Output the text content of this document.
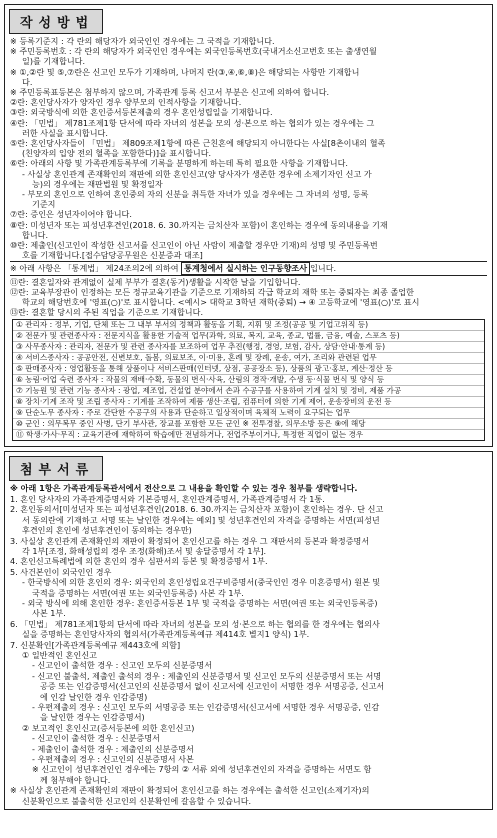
작성방법
※ 등록기준지 : 각 란의 해당자가 외국인인 경우에는 그 국적을 기재합니다.
※ 주민등록번호 : 각 란의 해당자가 외국인인 경우에는 외국인등록번호(국내거소신고번호 또는 출생연월
일)를 기재합니다.
※ ①,②란 및 ⑤,⑦란은 신고인 모두가 기재하며, 나머지 란(③,④,⑥,⑧)은 해당되는 사항만 기재합니
다.
※ 주민등록표등본은 첨부하지 않으며, 가족관계 등록 신고서 부분은 신고에 의하여 합니다.
②란: 혼인당사자가 양자인 경우 양부모의 인적사항을 기재합니다.
③란: 외국방식에 의한 혼인증서등본제출의 경우 혼인성립일을 기재합니다.
④란: 「민법」 제781조제1항 단서에 따라 자녀의 성본을 모의 성·본으로 하는 협의가 있는 경우에는 그
러한 사실을 표시합니다.
⑤란: 혼인당사자들이 「민법」 제809조제1항에 따른 근친혼에 해당되지 아니한다는 사실[8촌이내의 혈족
(친양자의 입양 전의 혈족을 포함한다)]을 표시합니다.
⑥란: 아래의 사항 및 가족관계등록부에 기록을 분명하게 하는데 특히 필요한 사항을 기재합니다.
- 사실상 혼인관계 존재확인의 재판에 의한 혼인신고(양 당사자가 생존한 경우에 소제기자인 신고 가
능)의 경우에는 재판법원 및 확정일자
- 부모의 혼인으로 인하여 혼인중의 자의 신분을 취득한 자녀가 있을 경우에는 그 자녀의 성명, 등록
기준지
⑦란: 증인은 성년자이어야 합니다.
⑧란: 미성년자 또는 피성년후견인(2018. 6. 30.까지는 금치산자 포함)이 혼인하는 경우에 동의내용을 기재
합니다.
⑩란: 제출인(신고인이 작성한 신고서를 신고인이 아닌 사람이 제출할 경우만 기재)의 성명 및 주민등록번
호를 기재합니다.[접수담당공무원은 신분증과 대조]
※ 아래 사항은 「통계법」 제24조의2에 의하여 통계청에서 실시하는 인구동향조사 입니다.
⑪란: 결혼일자와 관계없이 실제 부부가 결혼(동거)생활을 시작한 날을 기입합니다.
⑫란: 교육부장관이 인정하는 모든 정규교육기관을 기준으로 기재하되 각급 학교의 재학 또는 중퇴자는 최종 졸업한
학교의 해당번호에 '영표(○)'로 표시합니다. <예시> 대학교 3학년 재학(중퇴) → ④ 고등학교에 '영표(○)'로 표시
⑬란: 결혼할 당시의 주된 직업을 기준으로 기재합니다.
① 관리자 : 정부, 기업, 단체 또는 그 내부 부서의 정책과 활동을 기획, 지휘 및 조정(공공 및 기업고위직 등)
② 전문가 및 관련종사자 : 전문지식을 활용한 기술적 업무(과학, 의료, 복지, 교육, 종교, 법률, 금융, 예술, 스포츠 등)
③ 사무종사자 : 관리자, 전문가 및 관련 종사자를 보조하여 업무 추진(행정, 경영, 보험, 감사, 상담·안내·통계 등)
④ 서비스종사자 : 공공안전, 신변보호, 돌봄, 의료보조, 이·미용, 혼례 및 장례, 운송, 여가, 조리와 관련된 업무
⑤ 판매종사자 : 영업활동을 통해 상품이나 서비스판매(인터넷, 상점, 공공장소 등), 상품의 광고·홍보, 계산·정산 등
⑥ 농림·어업 숙련 종사자 : 작물의 재배·수확, 동물의 번식·사육, 산림의 경작·개발, 수생 동·식물 번식 및 양식 등
⑦ 기능원 및 관련 기능 종사자 : 광업, 제조업, 건설업 분야에서 손과 수공구를 사용하여 기계 설치 및 정비, 제품 가공
⑧ 장치·기계 조작 및 조립 종사자 : 기계를 조작하여 제품 생산·조립, 컴퓨터에 의한 기계 제어, 운송장비의 운전 등
⑨ 단순노무 종사자 : 주로 간단한 수공구의 사용과 단순하고 일상적이며 육체적 노력이 요구되는 업무
⑩ 군인 : 의무복무 중인 사병, 단기 부사관, 장교를 포함한 모든 군인 ※ 전투경찰, 의무소방 등은 ⑨에 해당
⑪ 학생·가사·무직 : 교육기관에 재학하여 학습에만 전념하거나, 전업주부이거나, 특정한 직업이 없는 경우
첨부서류
※ 아래 1항은 가족관계등록관서에서 전산으로 그 내용을 확인할 수 있는 경우 첨부를 생략합니다.
1. 혼인 당사자의 가족관계증명서와 기본증명서, 혼인관계증명서, 가족관계증명서 각 1통.
2. 혼인동의서[미성년자 또는 피성년후견인(2018. 6. 30.까지는 금치산자 포함)이 혼인하는 경우. 단 신고
서 동의란에 기재하고 서명 또는 날인한 경우에는 예외] 및 성년후견인의 자격을 증명하는 서면(피성년
후견인의 혼인에 성년후견인이 동의하는 경우만)
3. 사실상 혼인관계 존재확인의 재판이 확정되어 혼인신고를 하는 경우 그 재판서의 등본과 확정증명서
각 1부[조정, 화해성립의 경우 조정(화해)조서 및 송달증명서 각 1부].
4. 혼인신고특례법에 의한 혼인의 경우 심판서의 등본 및 확정증명서 1부.
5. 사건본인이 외국인인 경우
- 한국방식에 의한 혼인의 경우: 외국인의 혼인성립요건구비증명서(중국인인 경우 미혼증명서) 원본 및
국적을 증명하는 서면(여권 또는 외국인등록증) 사본 각 1부.
- 외국 방식에 의해 혼인한 경우: 혼인증서등본 1부 및 국적을 증명하는 서면(여권 또는 외국인등록증)
사본 1부.
6. 「민법」 제781조제1항의 단서에 따라 자녀의 성본을 모의 성·본으로 하는 협의를 한 경우에는 협의사
실을 증명하는 혼인당사자의 협의서(가족관계등록예규 제414호 별지1 양식) 1부.
7. 신분확인[가족관계등록예규 제443호에 의함]
① 일반적인 혼인신고
- 신고인이 출석한 경우 : 신고인 모두의 신분증명서
- 신고인 불출석, 제출인 출석의 경우 : 제출인의 신분증명서 및 신고인 모두의 신분증명서 또는 서명
공증 또는 인감증명서(신고인의 신분증명서 없이 신고서에 신고인이 서명한 경우 서명공증, 신고서
에 인감 날인한 경우 인감증명)
- 우편제출의 경우 : 신고인 모두의 서명공증 또는 인감증명서(신고서에 서명한 경우 서명공증, 인감
을 날인한 경우는 인감증명서)
② 보고적인 혼인신고(증서등본에 의한 혼인신고)
- 신고인이 출석한 경우 : 신분증명서
- 제출인이 출석한 경우 : 제출인의 신분증명서
- 우편제출의 경우 : 신고인의 신분증명서 사본
※ 신고인이 성년후견인인 경우에는 7항의 ② 서류 외에 성년후견인의 자격을 증명하는 서면도 함
께 첨부해야 합니다.
※ 사실상 혼인관계 존재확인의 재판이 확정되어 혼인신고를 하는 경우에는 출석한 신고인(소제기자)의
신분확인으로 불출석한 신고인의 신분확인에 갈음할 수 있습니다.
